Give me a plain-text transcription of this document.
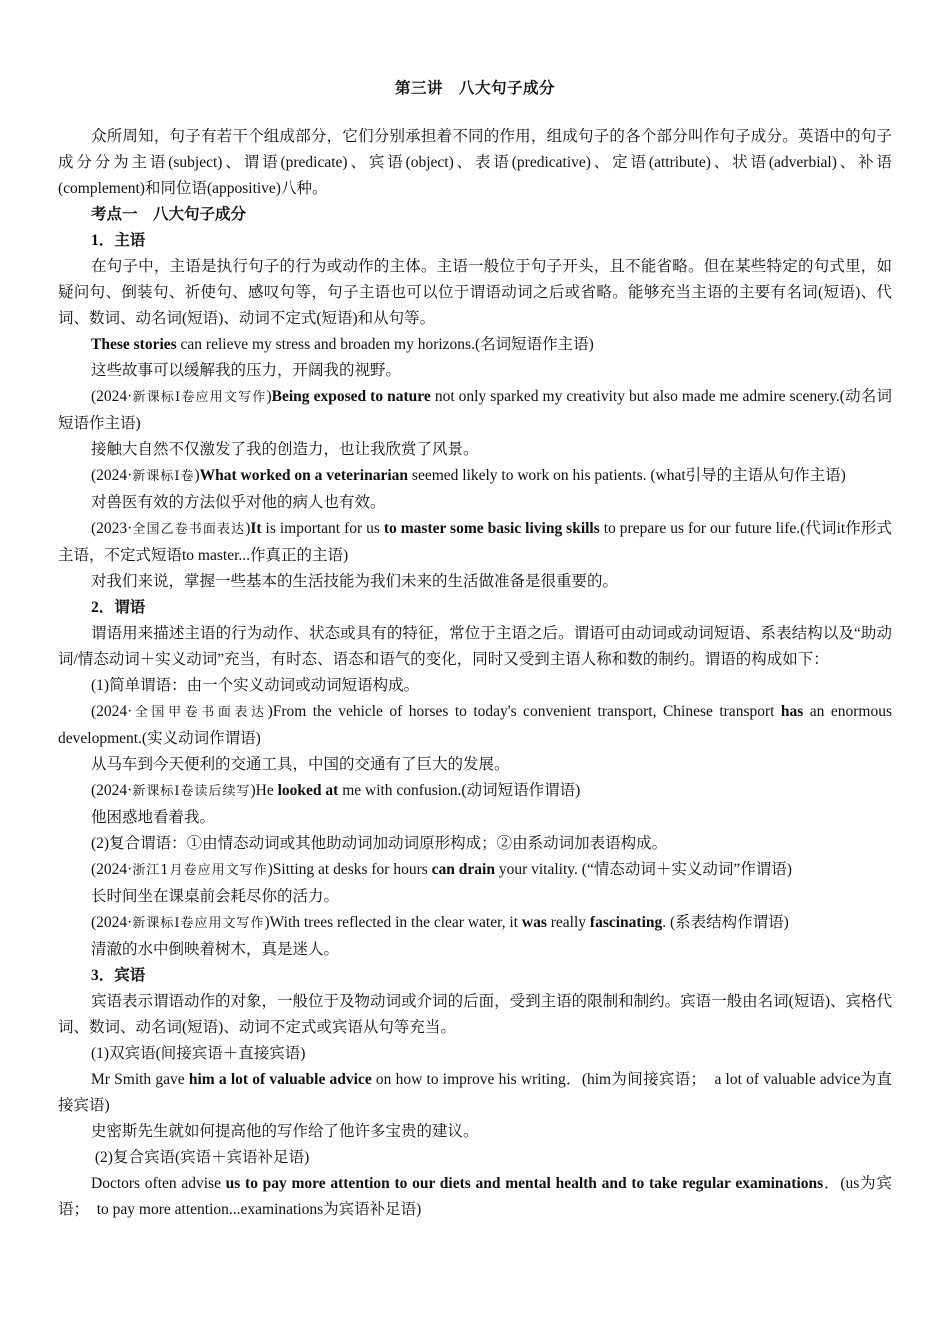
第三讲　八大句子成分

众所周知，句子有若干个组成部分，它们分别承担着不同的作用，组成句子的各个部分叫作句子成分。英语中的句子成分分为主语(subject)、谓语(predicate)、宾语(object)、表语(predicative)、定语(attribute)、状语(adverbial)、补语(complement)和同位语(appositive)八种。

考点一　八大句子成分

1．主语

在句子中，主语是执行句子的行为或动作的主体。主语一般位于句子开头，且不能省略。但在某些特定的句式里，如疑问句、倒装句、祈使句、感叹句等，句子主语也可以位于谓语动词之后或省略。能够充当主语的主要有名词(短语)、代词、数词、动名词(短语)、动词不定式(短语)和从句等。

These stories can relieve my stress and broaden my horizons.(名词短语作主语)

这些故事可以缓解我的压力，开阔我的视野。

(2024·新课标Ⅰ卷应用文写作)Being exposed to nature not only sparked my creativity but also made me admire scenery.(动名词短语作主语)

接触大自然不仅激发了我的创造力，也让我欣赏了风景。

(2024·新课标Ⅰ卷)What worked on a veterinarian seemed likely to work on his patients. (what引导的主语从句作主语)

对兽医有效的方法似乎对他的病人也有效。

(2023·全国乙卷书面表达)It is important for us to master some basic living skills to prepare us for our future life.(代词it作形式主语，不定式短语to master...作真正的主语)

对我们来说，掌握一些基本的生活技能为我们未来的生活做准备是很重要的。

2．谓语

谓语用来描述主语的行为动作、状态或具有的特征，常位于主语之后。谓语可由动词或动词短语、系表结构以及“助动词/情态动词＋实义动词”充当，有时态、语态和语气的变化，同时又受到主语人称和数的制约。谓语的构成如下：

(1)简单谓语：由一个实义动词或动词短语构成。

(2024·全国甲卷书面表达)From the vehicle of horses to today's convenient transport, Chinese transport has an enormous development.(实义动词作谓语)

从马车到今天便利的交通工具，中国的交通有了巨大的发展。

(2024·新课标Ⅰ卷读后续写)He looked at me with confusion.(动词短语作谓语)

他困惑地看着我。

(2)复合谓语：①由情态动词或其他助动词加动词原形构成；②由系动词加表语构成。

(2024·浙江1月卷应用文写作)Sitting at desks for hours can drain your vitality. (“情态动词＋实义动词”作谓语)

长时间坐在课桌前会耗尽你的活力。

(2024·新课标Ⅰ卷应用文写作)With trees reflected in the clear water, it was really fascinating. (系表结构作谓语)

清澈的水中倒映着树木，真是迷人。

3．宾语

宾语表示谓语动作的对象，一般位于及物动词或介词的后面，受到主语的限制和制约。宾语一般由名词(短语)、宾格代词、数词、动名词(短语)、动词不定式或宾语从句等充当。

(1)双宾语(间接宾语＋直接宾语)

Mr Smith gave him a lot of valuable advice on how to improve his writing．(him为间接宾语；　a lot of valuable advice为直接宾语)

史密斯先生就如何提高他的写作给了他许多宝贵的建议。

(2)复合宾语(宾语＋宾语补足语)

Doctors often advise us to pay more attention to our diets and mental health and to take regular examinations．(us为宾语；　to pay more attention...examinations为宾语补足语)
